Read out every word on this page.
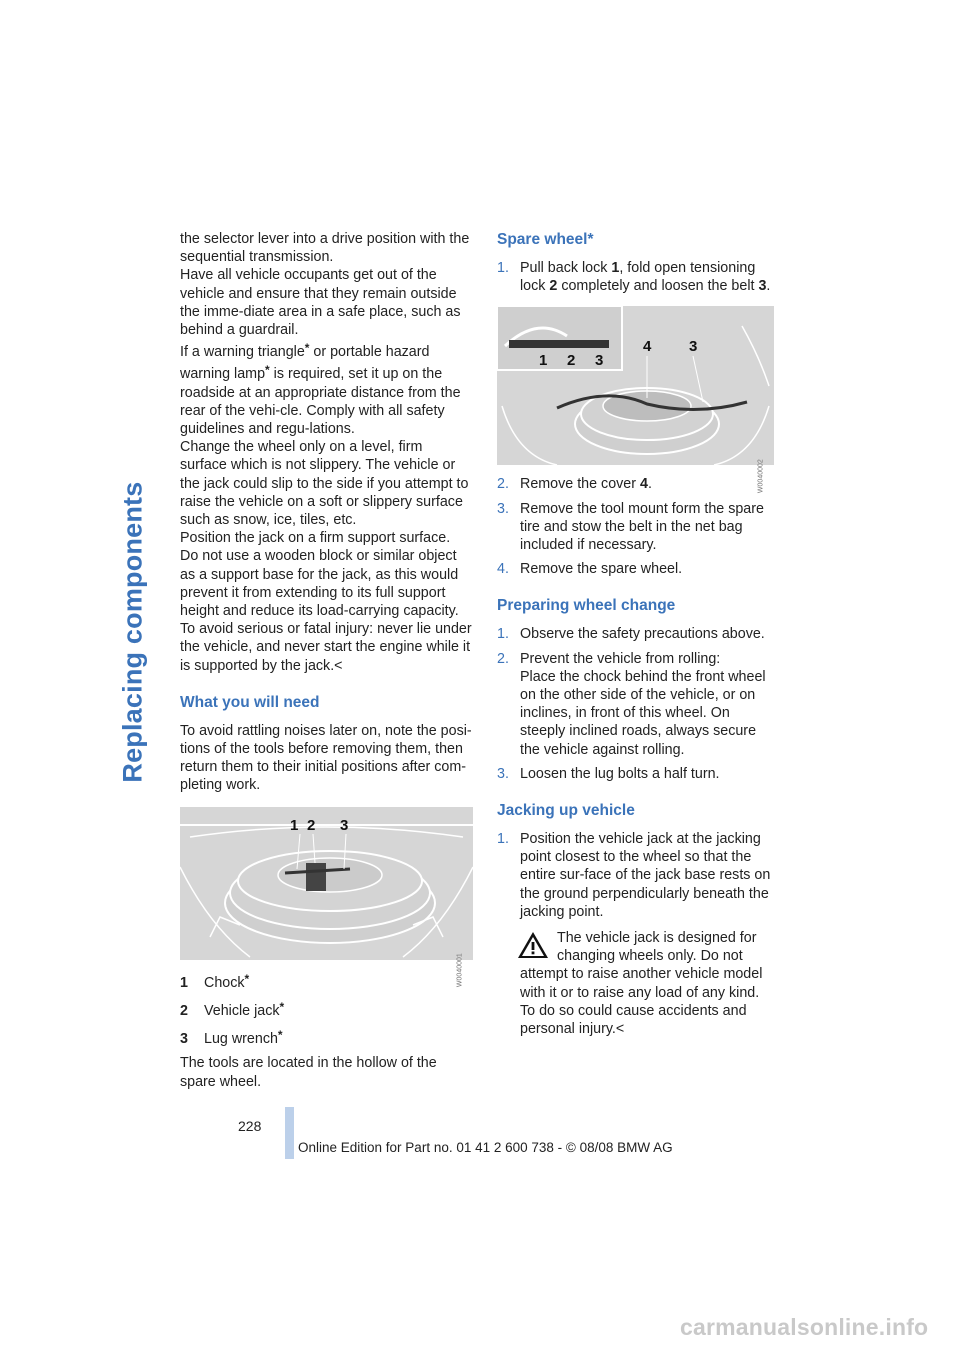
Replacing components

the selector lever into a drive position with the sequential transmission.

Have all vehicle occupants get out of the vehicle and ensure that they remain outside the imme-diate area in a safe place, such as behind a guardrail.

If a warning triangle* or portable hazard warning lamp* is required, set it up on the roadside at an appropriate distance from the rear of the vehi-cle. Comply with all safety guidelines and regu-lations.

Change the wheel only on a level, firm surface which is not slippery. The vehicle or the jack could slip to the side if you attempt to raise the vehicle on a soft or slippery surface such as snow, ice, tiles, etc.

Position the jack on a firm support surface.

Do not use a wooden block or similar object as a support base for the jack, as this would prevent it from extending to its full support height and reduce its load-carrying capacity.

To avoid serious or fatal injury: never lie under the vehicle, and never start the engine while it is supported by the jack.<

What you will need

To avoid rattling noises later on, note the posi-tions of the tools before removing them, then return them to their initial positions after com-pleting work.

1 2 3
W0040001
1 Chock*
2 Vehicle jack*
3 Lug wrench*

The tools are located in the hollow of the spare wheel.

Spare wheel*
1. Pull back lock 1, fold open tensioning lock 2 completely and loosen the belt 3.
1 2 3
4	3
W0040002
2. Remove the cover 4.
3. Remove the tool mount form the spare tire and stow the belt in the net bag included if necessary.
4. Remove the spare wheel.
Preparing wheel change
1. Observe the safety precautions above.
2. Prevent the vehicle from rolling:
Place the chock behind the front wheel on the other side of the vehicle, or on inclines, in front of this wheel. On steeply inclined roads, always secure the vehicle against rolling.
3. Loosen the lug bolts a half turn.
Jacking up vehicle
1. Position the vehicle jack at the jacking point closest to the wheel so that the entire sur-face of the jack base rests on the ground perpendicularly beneath the jacking point.

The vehicle jack is designed for changing wheels only. Do not attempt to raise another vehicle model with it or to raise any load of any kind. To do so could cause accidents and personal injury.<

228
Online Edition for Part no. 01 41 2 600 738 - © 08/08 BMW AG
carmanualsonline.info
